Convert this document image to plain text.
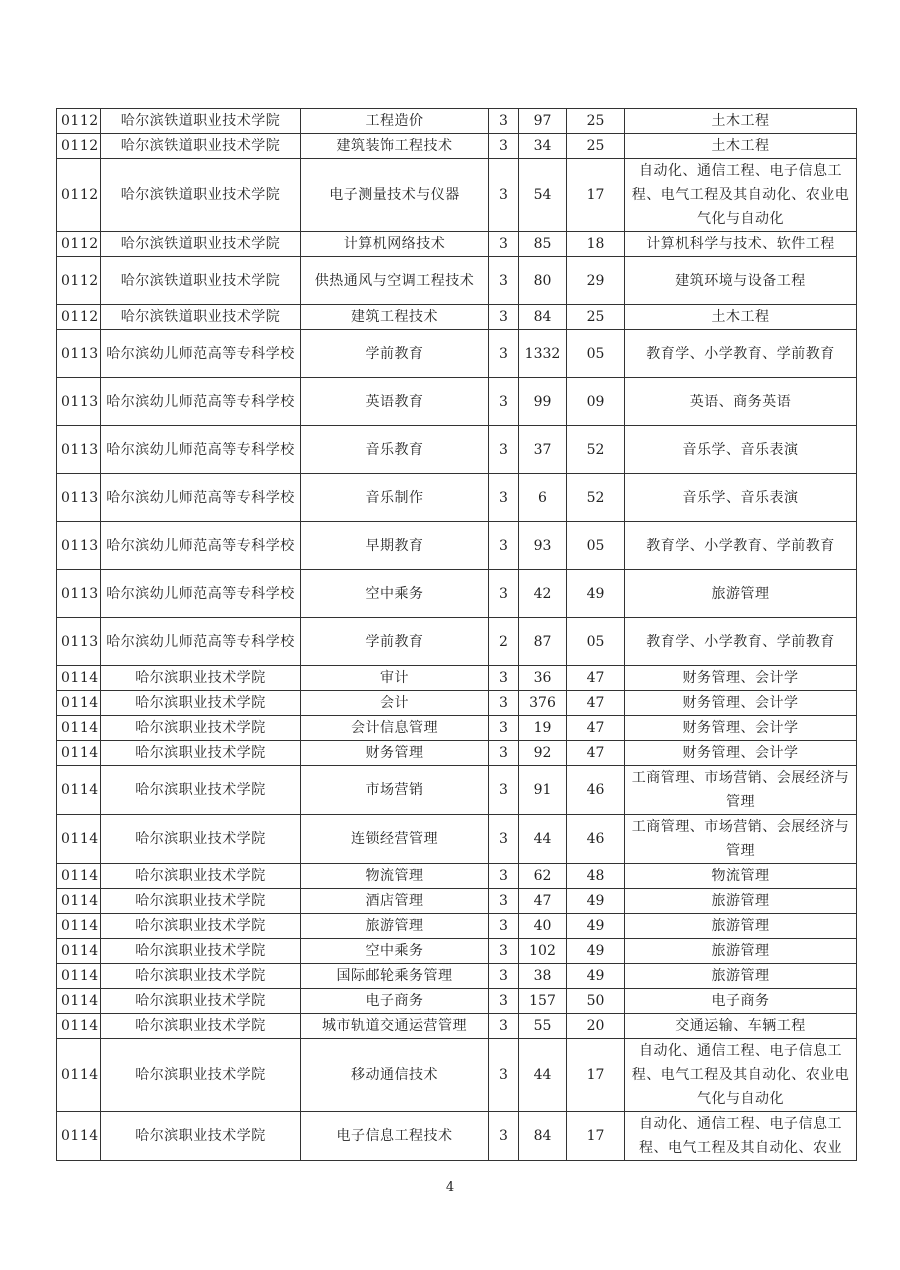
0112	哈尔滨铁道职业技术学院	工程造价	3	97	25	土木工程
0112	哈尔滨铁道职业技术学院	建筑装饰工程技术	3	34	25	土木工程
0112	哈尔滨铁道职业技术学院	电子测量技术与仪器	3	54	17	自动化、通信工程、电子信息工程、电气工程及其自动化、农业电气化与自动化
0112	哈尔滨铁道职业技术学院	计算机网络技术	3	85	18	计算机科学与技术、软件工程
0112	哈尔滨铁道职业技术学院	供热通风与空调工程技术	3	80	29	建筑环境与设备工程
0112	哈尔滨铁道职业技术学院	建筑工程技术	3	84	25	土木工程
0113	哈尔滨幼儿师范高等专科学校	学前教育	3	1332	05	教育学、小学教育、学前教育
0113	哈尔滨幼儿师范高等专科学校	英语教育	3	99	09	英语、商务英语
0113	哈尔滨幼儿师范高等专科学校	音乐教育	3	37	52	音乐学、音乐表演
0113	哈尔滨幼儿师范高等专科学校	音乐制作	3	6	52	音乐学、音乐表演
0113	哈尔滨幼儿师范高等专科学校	早期教育	3	93	05	教育学、小学教育、学前教育
0113	哈尔滨幼儿师范高等专科学校	空中乘务	3	42	49	旅游管理
0113	哈尔滨幼儿师范高等专科学校	学前教育	2	87	05	教育学、小学教育、学前教育
0114	哈尔滨职业技术学院	审计	3	36	47	财务管理、会计学
0114	哈尔滨职业技术学院	会计	3	376	47	财务管理、会计学
0114	哈尔滨职业技术学院	会计信息管理	3	19	47	财务管理、会计学
0114	哈尔滨职业技术学院	财务管理	3	92	47	财务管理、会计学
0114	哈尔滨职业技术学院	市场营销	3	91	46	工商管理、市场营销、会展经济与管理
0114	哈尔滨职业技术学院	连锁经营管理	3	44	46	工商管理、市场营销、会展经济与管理
0114	哈尔滨职业技术学院	物流管理	3	62	48	物流管理
0114	哈尔滨职业技术学院	酒店管理	3	47	49	旅游管理
0114	哈尔滨职业技术学院	旅游管理	3	40	49	旅游管理
0114	哈尔滨职业技术学院	空中乘务	3	102	49	旅游管理
0114	哈尔滨职业技术学院	国际邮轮乘务管理	3	38	49	旅游管理
0114	哈尔滨职业技术学院	电子商务	3	157	50	电子商务
0114	哈尔滨职业技术学院	城市轨道交通运营管理	3	55	20	交通运输、车辆工程
0114	哈尔滨职业技术学院	移动通信技术	3	44	17	自动化、通信工程、电子信息工程、电气工程及其自动化、农业电气化与自动化
0114	哈尔滨职业技术学院	电子信息工程技术	3	84	17	自动化、通信工程、电子信息工程、电气工程及其自动化、农业
4
